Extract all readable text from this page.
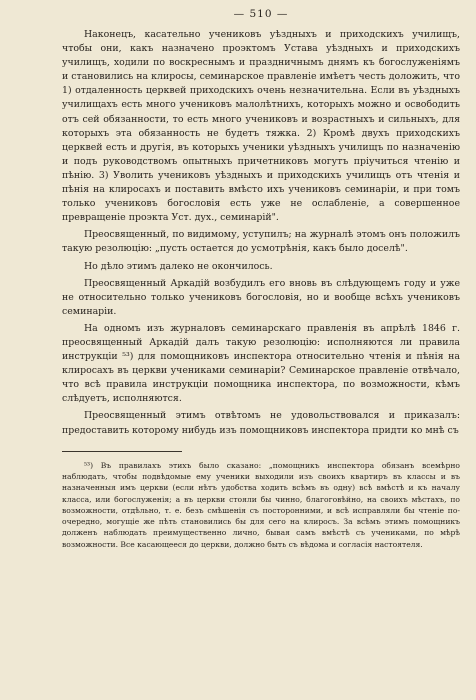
— 510 —

Наконецъ, касательно учениковъ уѣздныхъ и приходскихъ училищъ, чтобы они, какъ назначено проэктомъ Устава уѣздныхъ и приходскихъ училищъ, ходили по воскреснымъ и праздничнымъ днямъ къ богослуженіямъ и становились на клиросы, семинарское правленіе имѣетъ честь доложить, что 1) отдаленность церквей приходскихъ очень незначительна. Если въ уѣздныхъ училищахъ есть много учениковъ малолѣтнихъ, которыхъ можно и освободить отъ сей обязанности, то есть много учениковъ и возрастныхъ и сильныхъ, для которыхъ эта обязанность не будетъ тяжка. 2) Кромѣ двухъ приходскихъ церквей есть и другія, въ которыхъ ученики уѣздныхъ училищъ по назначенію и подъ руководствомъ опытныхъ причетниковъ могутъ пріучиться чтенію и пѣнію. 3) Уволить учениковъ уѣздныхъ и приходскихъ училищъ отъ чтенія и пѣнія на клиросахъ и поставить вмѣсто ихъ учениковъ семинаріи, и при томъ только учениковъ богословія есть уже не ослабленіе, а совершенное превращеніе проэкта Уст. дух., семинарій".

Преосвященный, по видимому, уступилъ; на журналѣ этомъ онъ положилъ такую резолюцію: „пусть остается до усмотрѣнія, какъ было доселѣ".

Но дѣло этимъ далеко не окончилось.

Преосвященный Аркадій возбудилъ его вновь въ слѣдующемъ году и уже не относительно только учениковъ богословія, но и вообще всѣхъ учениковъ семинаріи.

На одномъ изъ журналовъ семинарскаго правленія въ апрѣлѣ 1846 г. преосвященный Аркадій далъ такую резолюцію: исполняются ли правила инструкціи ⁵³) для помощниковъ инспектора относительно чтенія и пѣнія на клиросахъ въ церкви учениками семинаріи? Семинарское правленіе отвѣчало, что всѣ правила инструкціи помощника инспектора, по возможности, кѣмъ слѣдуетъ, исполняются.

Преосвященный этимъ отвѣтомъ не удовольствовался и приказалъ: предоставить которому нибудь изъ помощниковъ инспектора придти ко мнѣ съ

⁵³) Въ правилахъ этихъ было сказано: „помощникъ инспектора обязанъ всемѣрно наблюдать, чтобы подвѣдомые ему ученики выходили изъ своихъ квартиръ въ классы и въ назначенныя имъ церкви (если нѣтъ удобства ходить всѣмъ въ одну) всѣ вмѣстѣ и къ началу класса, или богослуженія; а въ церкви стояли бы чинно, благоговѣйно, на своихъ мѣстахъ, по возможности, отдѣльно, т. е. безъ смѣшенія съ посторонними, и всѣ исправляли бы чтеніе по-очередно, могущіе же пѣть становились бы для сего на клиросъ. За всѣмъ этимъ помощникъ долженъ наблюдать преимущественно лично, бывая самъ вмѣстѣ съ учениками, по мѣрѣ возможности. Все касающееся до церкви, должно быть съ вѣдома и согласія настоятеля.
